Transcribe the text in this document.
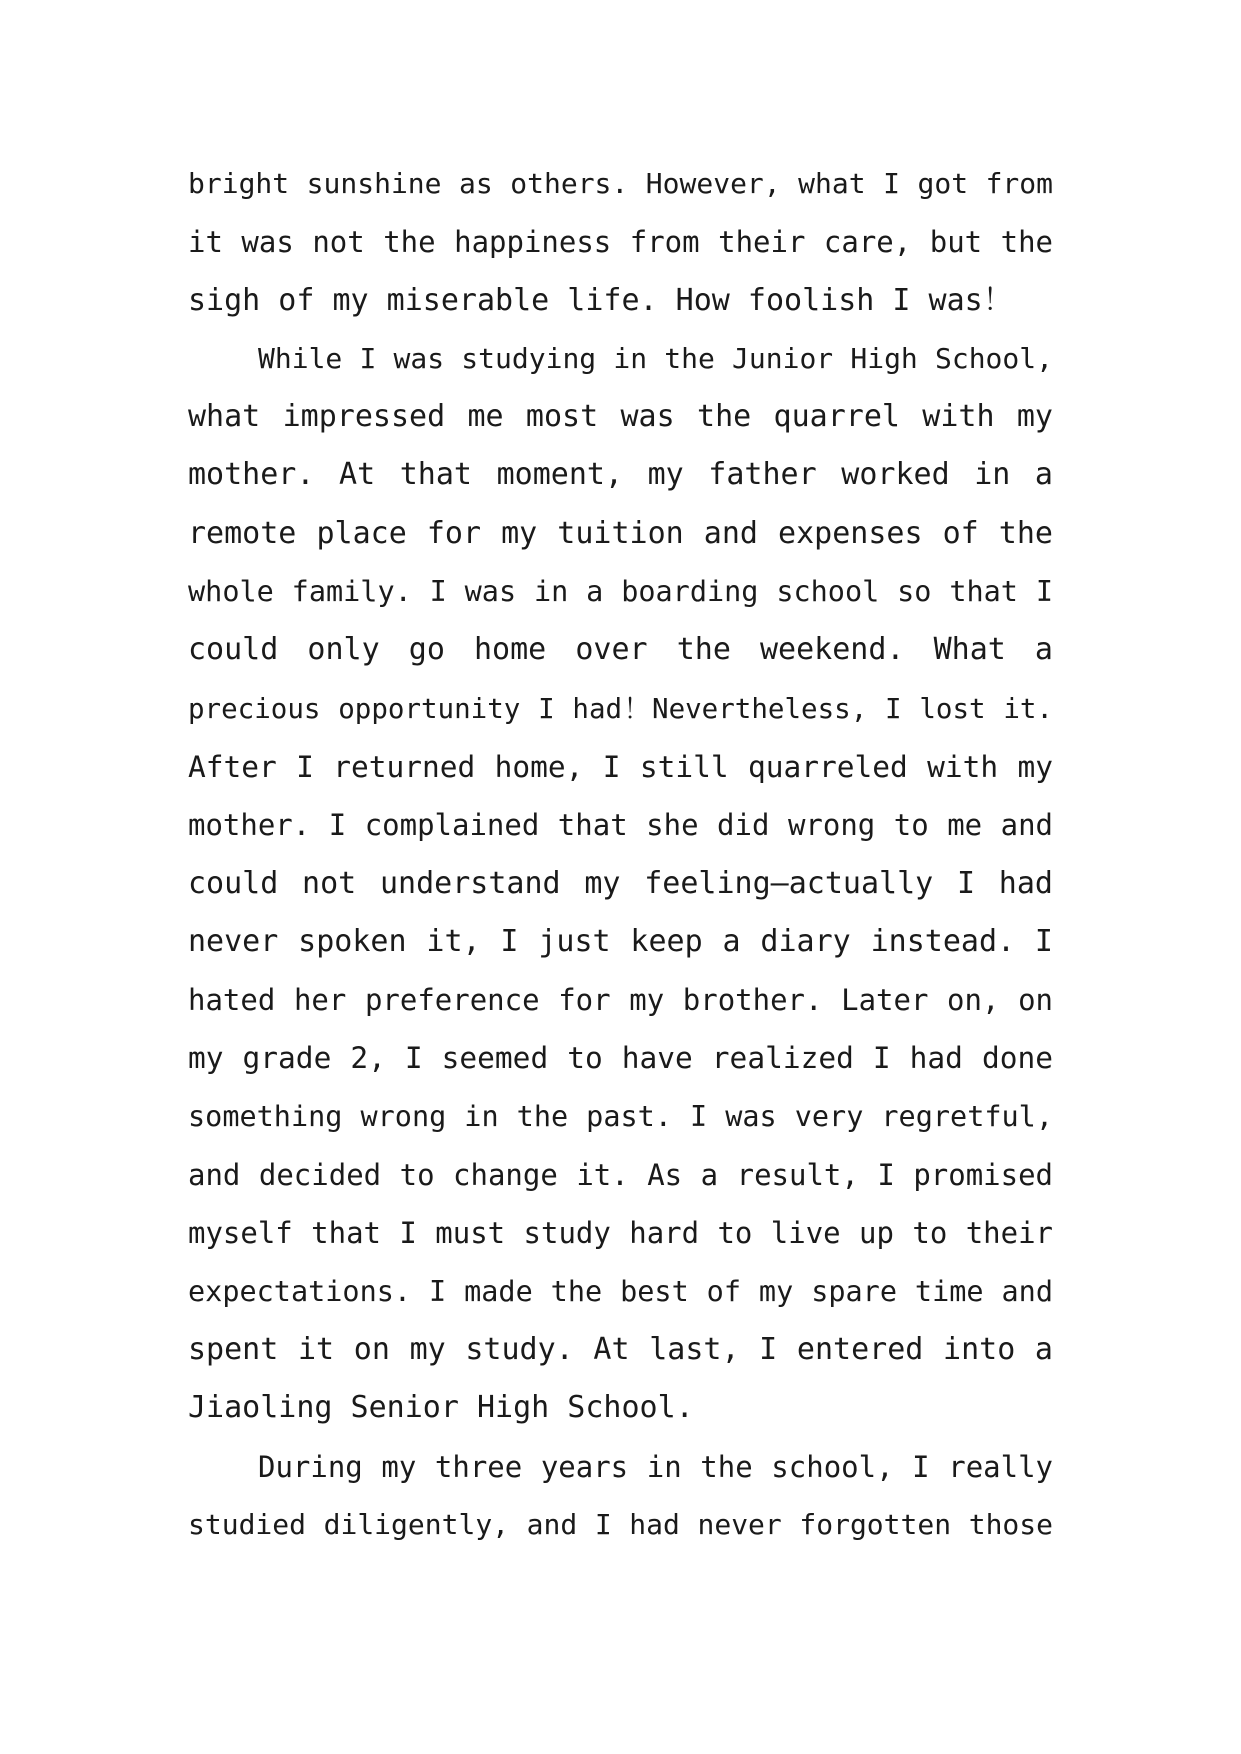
bright sunshine as others. However, what I got from
it was not the happiness from their care, but the
sigh of my miserable life. How foolish I was！
While I was studying in the Junior High School,
what impressed me most was the quarrel with my
mother. At that moment, my father worked in a
remote place for my tuition and expenses of the
whole family. I was in a boarding school so that I
could only go home over the weekend. What a
precious opportunity I had！Nevertheless, I lost it.
After I returned home, I still quarreled with my
mother. I complained that she did wrong to me and
could not understand my feeling—actually I had
never spoken it, I just keep a diary instead. I
hated her preference for my brother. Later on, on
my grade 2, I seemed to have realized I had done
something wrong in the past. I was very regretful,
and decided to change it. As a result, I promised
myself that I must study hard to live up to their
expectations. I made the best of my spare time and
spent it on my study. At last, I entered into a
Jiaoling Senior High School.
During my three years in the school, I really
studied diligently, and I had never forgotten those
